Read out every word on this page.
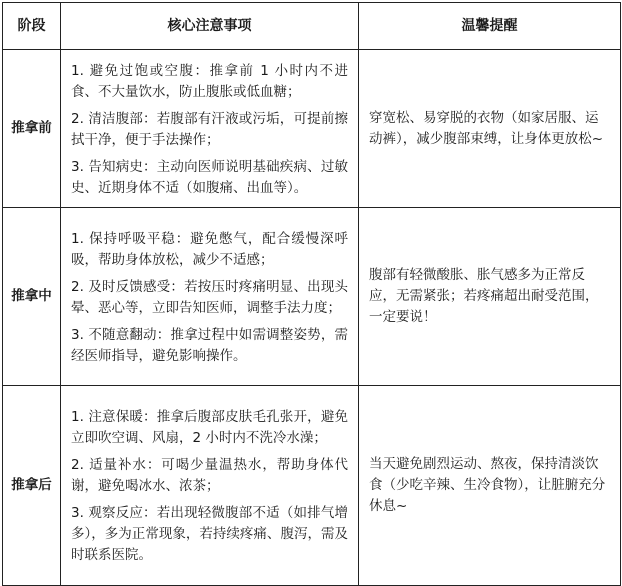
阶段	核心注意事项	温馨提醒
推拿前	1. 避免过饱或空腹：推拿前 1 小时内不进食、不大量饮水，防止腹胀或低血糖；

2. 清洁腹部：若腹部有汗液或污垢，可提前擦拭干净，便于手法操作；

3. 告知病史：主动向医师说明基础疾病、过敏史、近期身体不适（如腹痛、出血等）。	穿宽松、易穿脱的衣物（如家居服、运动裤），减少腹部束缚，让身体更放松~
推拿中	1. 保持呼吸平稳：避免憋气，配合缓慢深呼吸，帮助身体放松，减少不适感；

2. 及时反馈感受：若按压时疼痛明显、出现头晕、恶心等，立即告知医师，调整手法力度；

3. 不随意翻动：推拿过程中如需调整姿势，需经医师指导，避免影响操作。	腹部有轻微酸胀、胀气感多为正常反应，无需紧张；若疼痛超出耐受范围，一定要说！
推拿后	1. 注意保暖：推拿后腹部皮肤毛孔张开，避免立即吹空调、风扇，2 小时内不洗冷水澡；

2. 适量补水：可喝少量温热水，帮助身体代谢，避免喝冰水、浓茶；

3. 观察反应：若出现轻微腹部不适（如排气增多），多为正常现象，若持续疼痛、腹泻，需及时联系医院。	当天避免剧烈运动、熬夜，保持清淡饮食（少吃辛辣、生冷食物），让脏腑充分休息~
